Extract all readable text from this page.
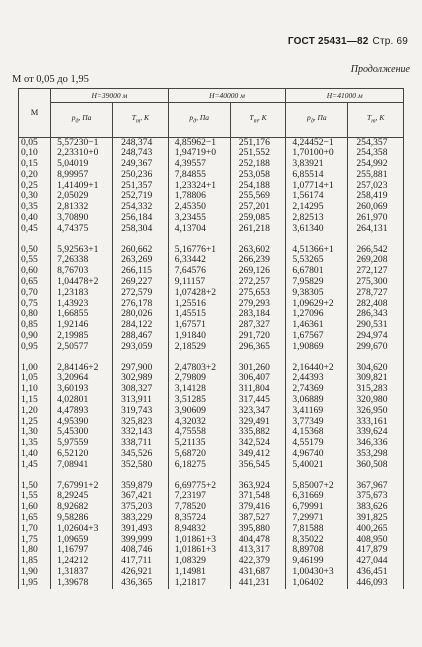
ГОСТ 25431—82 Стр. 69
Продолжение
М от 0,05 до 1,95
M	H=39000 м		H=40000 м		H=41000 м	
	$p_д$, Па	$T_т$, К	$p_д$, Па	$T_т$, К	$p_д$, Па	$T_т$, К
0,05	5,57230−1	248,374	4,85962−1	251,176	4,24452−1	254,357
0,10	2,23310+0	248,743	1,94719+0	251,552	1,70100+0	254,358
0,15	5,04019	249,367	4,39557	252,188	3,83921	254,992
0,20	8,99957	250,236	7,84855	253,058	6,85514	255,881
0,25	1,41409+1	251,357	1,23324+1	254,188	1,07714+1	257,023
0,30	2,05029	252,719	1,78806	255,569	1,56174	258,419
0,35	2,81332	254,332	2,45350	257,201	2,14295	260,069
0,40	3,70890	256,184	3,23455	259,085	2,82513	261,970
0,45	4,74375	258,304	4,13704	261,218	3,61340	264,131

0,50	5,92563+1	260,662	5,16776+1	263,602	4,51366+1	266,542
0,55	7,26338	263,269	6,33442	266,239	5,53265	269,208
0,60	8,76703	266,115	7,64576	269,126	6,67801	272,127
0,65	1,04478+2	269,227	9,11157	272,257	7,95829	275,300
0,70	1,23183	272,579	1,07428+2	275,653	9,38305	278,727
0,75	1,43923	276,178	1,25516	279,293	1,09629+2	282,408
0,80	1,66855	280,026	1,45515	283,184	1,27096	286,343
0,85	1,92146	284,122	1,67571	287,327	1,46361	290,531
0,90	2,19985	288,467	1,91840	291,720	1,67567	294,974
0,95	2,50577	293,059	2,18529	296,365	1,90869	299,670

1,00	2,84146+2	297,900	2,47803+2	301,260	2,16440+2	304,620
1,05	3,20964	302,989	2,79809	306,407	2,44393	309,821
1,10	3,60193	308,327	3,14128	311,804	2,74369	315,283
1,15	4,02801	313,911	3,51285	317,445	3,06889	320,980
1,20	4,47893	319,743	3,90609	323,347	3,41169	326,950
1,25	4,95390	325,823	4,32032	329,491	3,77349	333,161
1,30	5,45300	332,143	4,75558	335,882	4,15368	339,624
1,35	5,97559	338,711	5,21135	342,524	4,55179	346,336
1,40	6,52120	345,526	5,68720	349,412	4,96740	353,298
1,45	7,08941	352,580	6,18275	356,545	5,40021	360,508

1,50	7,67991+2	359,879	6,69775+2	363,924	5,85007+2	367,967
1,55	8,29245	367,421	7,23197	371,548	6,31669	375,673
1,60	8,92682	375,203	7,78520	379,416	6,79991	383,626
1,65	9,58286	383,229	8,35724	387,527	7,29971	391,825
1,70	1,02604+3	391,493	8,94832	395,880	7,81588	400,265
1,75	1,09659	399,999	1,01861+3	404,478	8,35022	408,950
1,80	1,16797	408,746	1,01861+3	413,317	8,89708	417,879
1,85	1,24212	417,711	1,08329	422,379	9,46199	427,044
1,90	1,31837	426,921	1,14981	431,687	1,00430+3	436,451
1,95	1,39678	436,365	1,21817	441,231	1,06402	446,093
